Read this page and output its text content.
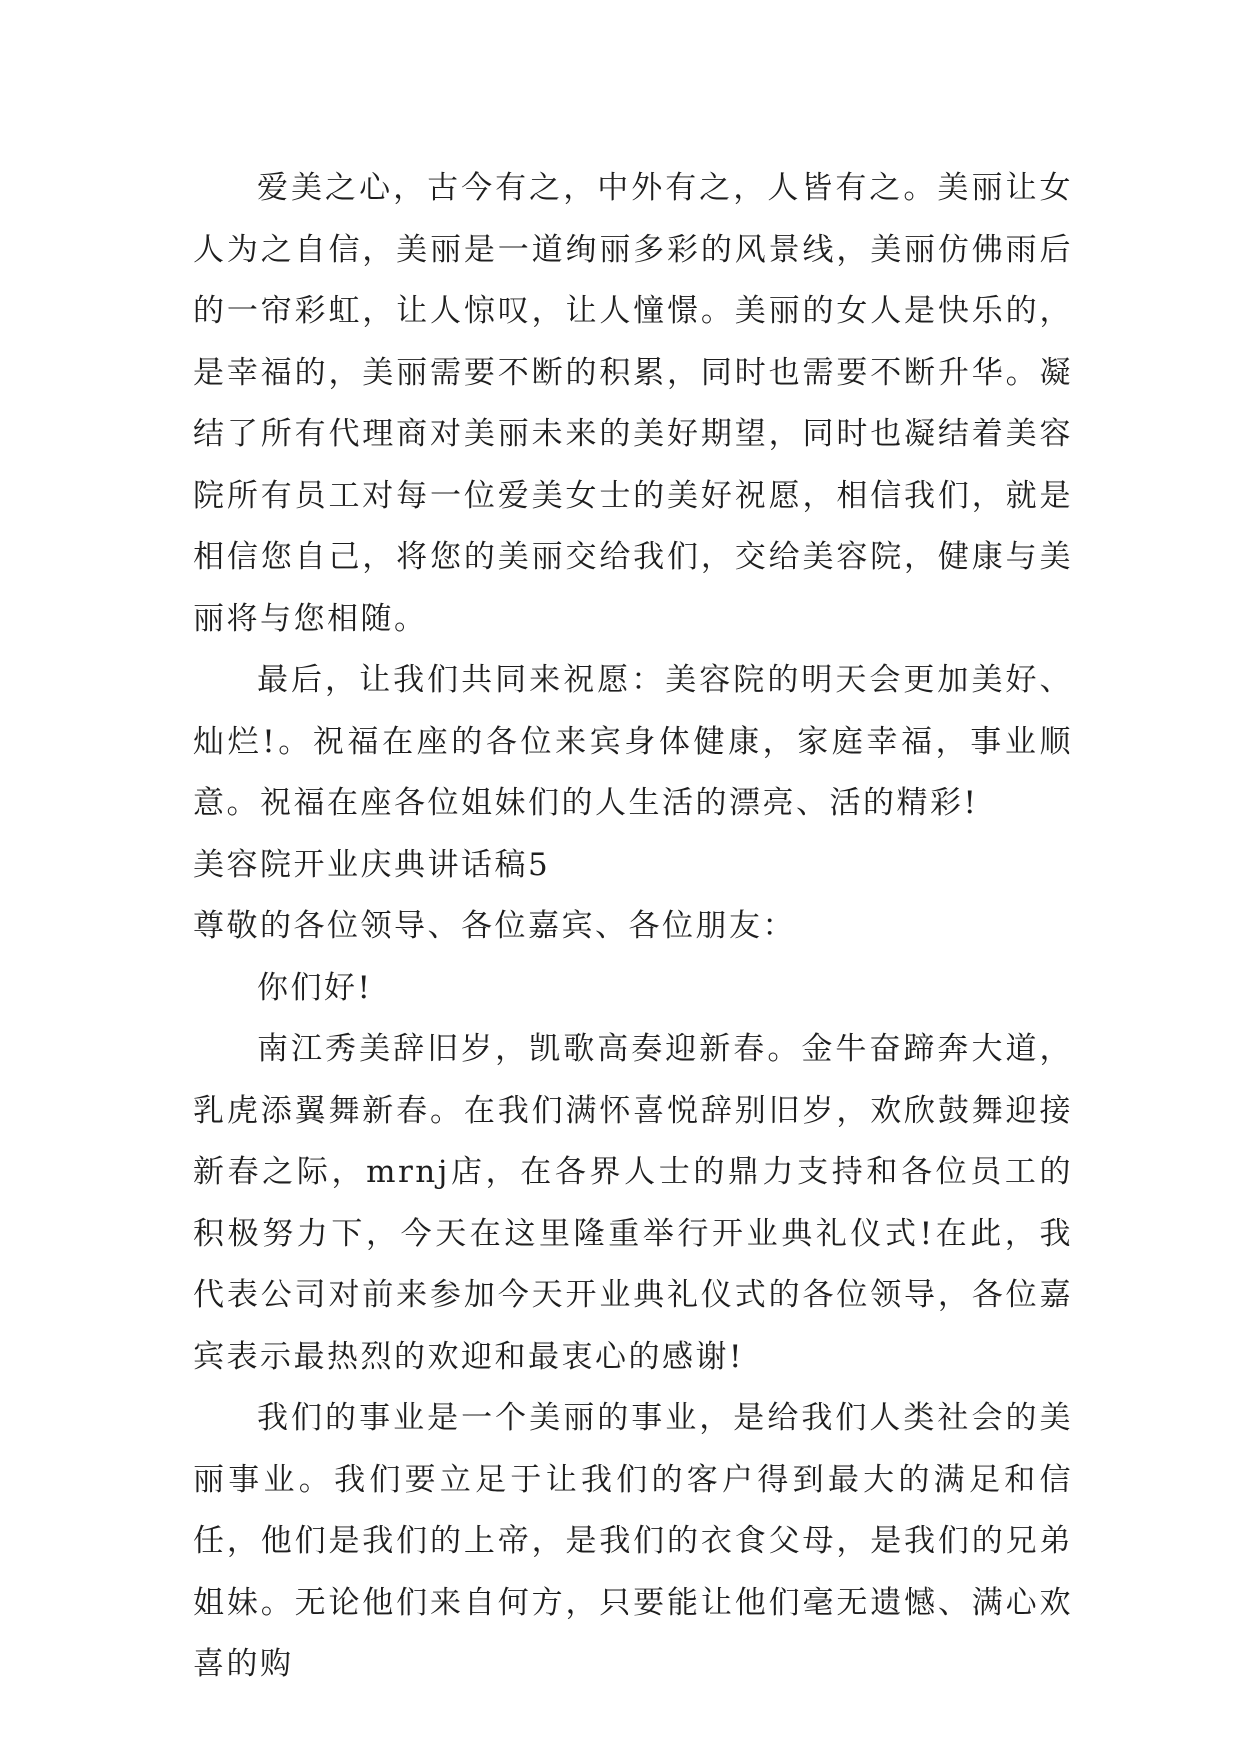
爱美之心，古今有之，中外有之，人皆有之。美丽让女人为之自信，美丽是一道绚丽多彩的风景线，美丽仿佛雨后的一帘彩虹，让人惊叹，让人憧憬。美丽的女人是快乐的，是幸福的，美丽需要不断的积累，同时也需要不断升华。凝结了所有代理商对美丽未来的美好期望，同时也凝结着美容院所有员工对每一位爱美女士的美好祝愿，相信我们，就是相信您自己，将您的美丽交给我们，交给美容院，健康与美丽将与您相随。

最后，让我们共同来祝愿：美容院的明天会更加美好、灿烂!。祝福在座的各位来宾身体健康，家庭幸福，事业顺意。祝福在座各位姐妹们的人生活的漂亮、活的精彩!

美容院开业庆典讲话稿5

尊敬的各位领导、各位嘉宾、各位朋友：

你们好!

南江秀美辞旧岁，凯歌高奏迎新春。金牛奋蹄奔大道，乳虎添翼舞新春。在我们满怀喜悦辞别旧岁，欢欣鼓舞迎接新春之际，mrnj店，在各界人士的鼎力支持和各位员工的积极努力下，今天在这里隆重举行开业典礼仪式!在此，我代表公司对前来参加今天开业典礼仪式的各位领导，各位嘉宾表示最热烈的欢迎和最衷心的感谢!

我们的事业是一个美丽的事业，是给我们人类社会的美丽事业。我们要立足于让我们的客户得到最大的满足和信任，他们是我们的上帝，是我们的衣食父母，是我们的兄弟姐妹。无论他们来自何方，只要能让他们毫无遗憾、满心欢喜的购
